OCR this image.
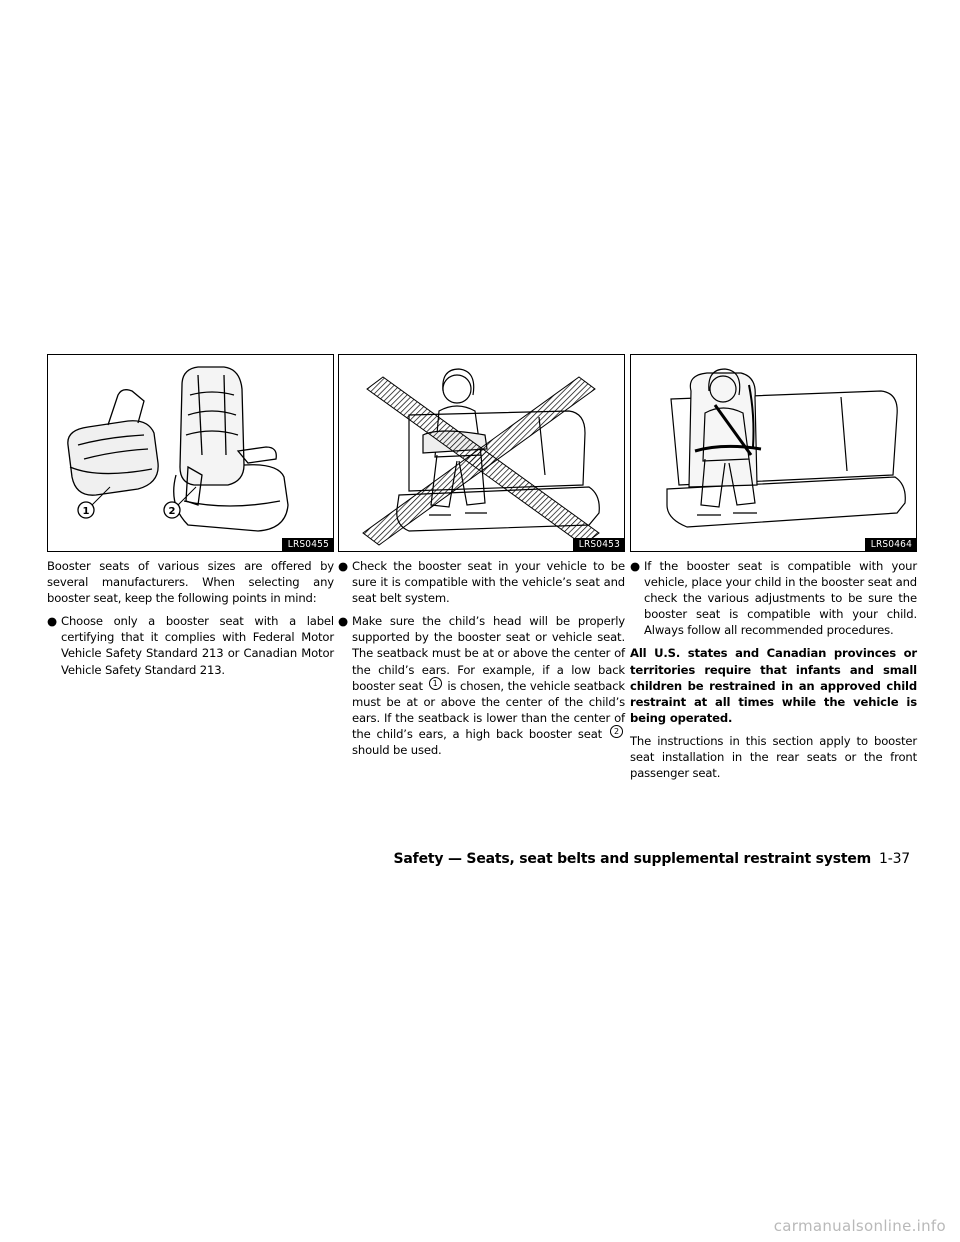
1	2
LRS0455

Booster seats of various sizes are offered by several manufacturers. When selecting any booster seat, keep the following points in mind:

● Choose only a booster seat with a label certifying that it complies with Federal Motor Vehicle Safety Standard 213 or Canadian Motor Vehicle Safety Standard 213.
LRS0453
● Check the booster seat in your vehicle to be sure it is compatible with the vehicle’s seat and seat belt system.
● Make sure the child’s head will be properly supported by the booster seat or vehicle seat. The seatback must be at or above the center of the child’s ears. For example, if a low back booster seat 1 is chosen, the vehicle seatback must be at or above the center of the child’s ears. If the seatback is lower than the center of the child’s ears, a high back booster seat 2 should be used.
LRS0464
● If the booster seat is compatible with your vehicle, place your child in the booster seat and check the various adjustments to be sure the booster seat is compatible with your child. Always follow all recommended procedures.

All U.S. states and Canadian provinces or territories require that infants and small children be restrained in an approved child restraint at all times while the vehicle is being operated.

The instructions in this section apply to booster seat installation in the rear seats or the front passenger seat.

Safety — Seats, seat belts and supplemental restraint system 1-37
carmanualsonline.info
